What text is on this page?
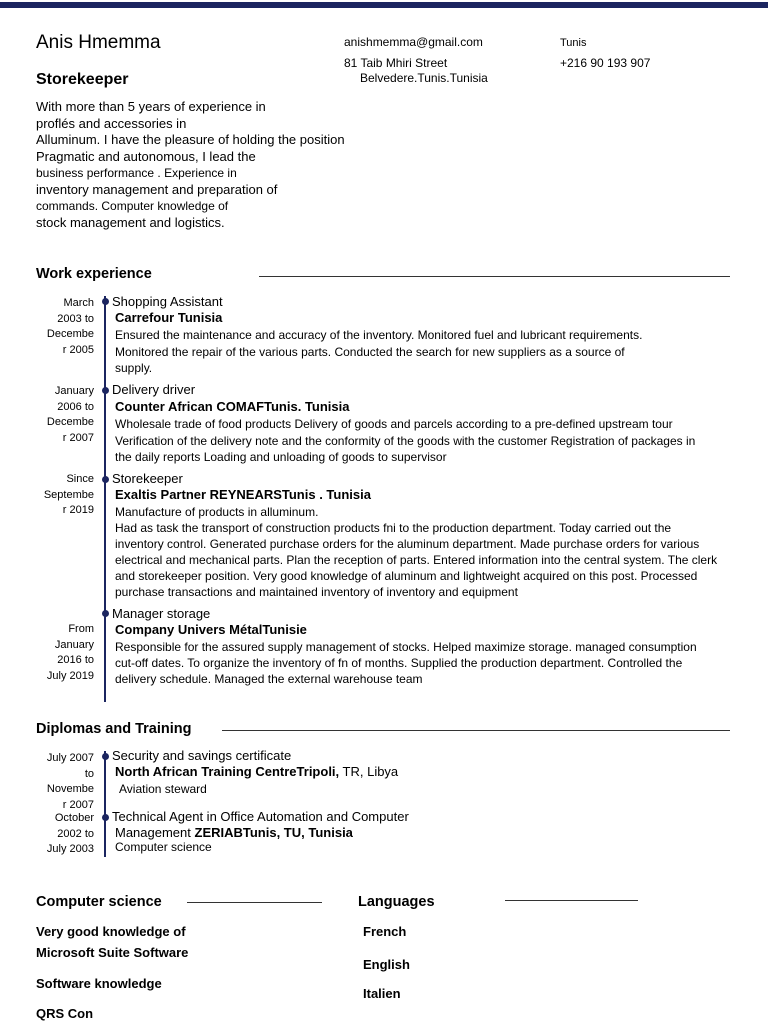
Anis Hmemma
Storekeeper
anishmemma@gmail.com
81 Taib Mhiri Street
Belvedere.Tunis.Tunisia
Tunis
+216 90 193 907
With more than 5 years of experience in
proflés and accessories in
Alluminum. I have the pleasure of holding the position
Pragmatic and autonomous, I lead the
business performance . Experience in
inventory management and preparation of
commands. Computer knowledge of
stock management and logistics.
Work experience
March
2003 to
Decembe
r 2005
Shopping Assistant
Carrefour Tunisia
Ensured the maintenance and accuracy of the inventory. Monitored fuel and lubricant requirements.
Monitored the repair of the various parts. Conducted the search for new suppliers as a source of
supply.
January
2006 to
Decembe
r 2007
Delivery driver
Counter African COMAFTunis. Tunisia
Wholesale trade of food products Delivery of goods and parcels according to a pre-defined upstream tour
Verification of the delivery note and the conformity of the goods with the customer Registration of packages in
the daily reports Loading and unloading of goods to supervisor
Since
Septembe
r 2019
Storekeeper
Exaltis Partner REYNEARSTunis . Tunisia
Manufacture of products in alluminum.
Had as task the transport of construction products fni to the production department. Today carried out the
inventory control. Generated purchase orders for the aluminum department. Made purchase orders for various
electrical and mechanical parts. Plan the reception of parts. Entered information into the central system. The clerk
and storekeeper position. Very good knowledge of aluminum and lightweight acquired on this post. Processed
purchase transactions and maintained inventory of inventory and equipment
From
January
2016 to
July 2019
Manager storage
Company Univers MétalTunisie
Responsible for the assured supply management of stocks. Helped maximize storage. managed consumption
cut-off dates. To organize the inventory of fn of months. Supplied the production department. Controlled the
delivery schedule. Managed the external warehouse team
Diplomas and Training
July 2007
to
Novembe
r 2007
Security and savings certificate
North African Training CentreTripoli, TR, Libya
Aviation steward
October
2002 to
July 2003
Technical Agent in Office Automation and Computer
Management ZERIABTunis, TU, Tunisia
Computer science
Computer science
Very good knowledge of
Microsoft Suite Software
Software knowledge
QRS Con
Languages
French
English
Italien
